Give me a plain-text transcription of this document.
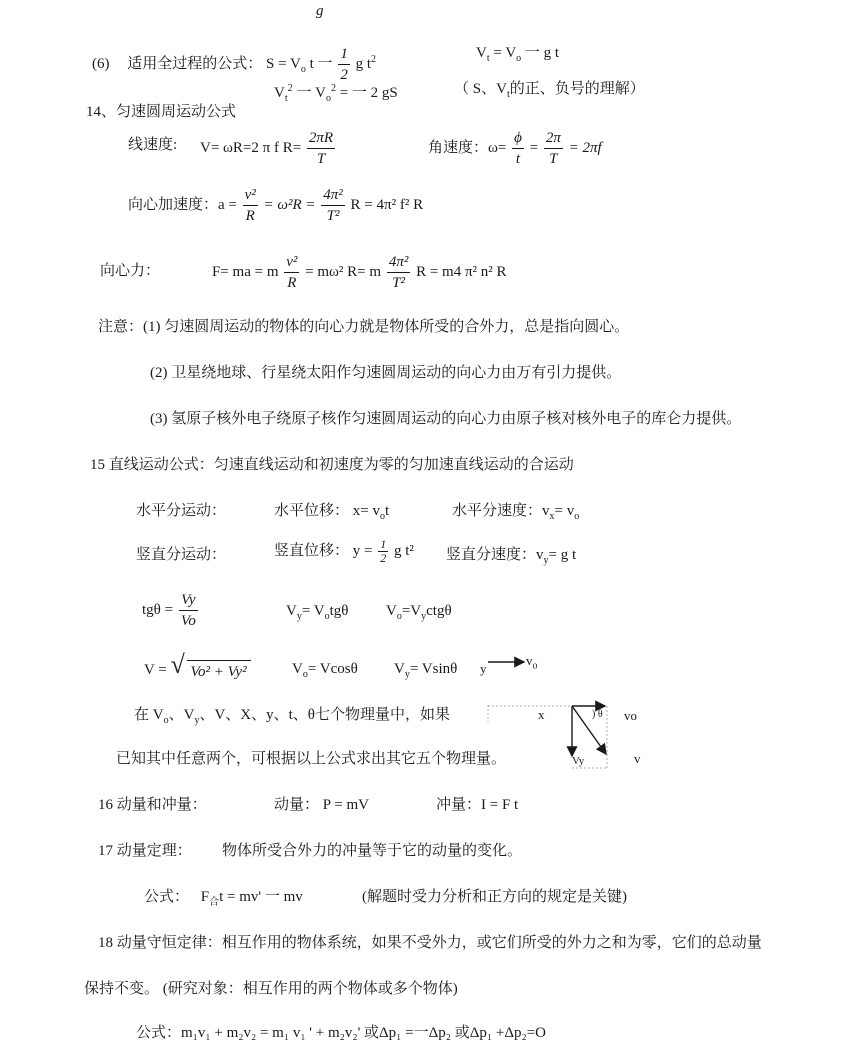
g
(6) 适用全过程的公式： $S = V_o$ t 一 $\frac{1}{2}$ g $t^2$	$V_t = V_o$ 一 g t
$V_t^2$ 一 $V_o^2$ = 一 2 gS	（ S、$V_t$的正、负号的理解）
14、匀速圆周运动公式
线速度: V= ωR=2 π f $R= \frac{2\pi R}{T}$	角速度：$\omega= \frac{\phi}{t} = \frac{2\pi}{T} = 2\pi f$
向心加速度：$a = \frac{\text{v²}}{R} = \omega^2R = \frac{\text{4π²}}{\text{T²}}$ R = 4π² f² R
向心力：	F= ma = m $\frac{\text{v²}}{R} = m\omega^2$ R= m $\frac{\text{4π²}}{\text{T²}}$ R = m4 π² n² R
注意：(1) 匀速圆周运动的物体的向心力就是物体所受的合外力，总是指向圆心。
(2) 卫星绕地球、行星绕太阳作匀速圆周运动的向心力由万有引力提供。
(3) 氢原子核外电子绕原子核作匀速圆周运动的向心力由原子核对核外电子的库仑力提供。
15 直线运动公式：匀速直线运动和初速度为零的匀加速直线运动的合运动
水平分运动：	水平位移： $x= v_ot$	水平分速度：$v_x= v_o$
竖直分运动：	竖直位移： $y = \frac{1}{2}$ g t² 竖直分速度：$v_y= g$ t
$tg\theta = \frac{Vy}{Vo}$	$V_y= V_otg\theta$	$V_o=V_yctg\theta$
V = √ Vo² + Vy²	$V_o= Vcos\theta$ $V_y= Vsin\theta$
在 $V_o$、$V_y$、V、X、y、t、θ七个物理量中，如果
已知其中任意两个，可根据以上公式求出其它五个物理量。
y
$v_o$
x	) θ vo
Vy	v
16 动量和冲量：	动量： P = mV	冲量：I = F t
17 动量定理： 物体所受合外力的冲量等于它的动量的变化。
公式： $F_合t = mv'$ 一 mv	(解题时受力分析和正方向的规定是关键)
18 动量守恒定律：相互作用的物体系统，如果不受外力，或它们所受的外力之和为零，它们的总动量
保持不变。 (研究对象：相互作用的两个物体或多个物体)
公式：m₁v₁ + m₂v₂ = m₁ v₁ ' + m₂v₂' 或Δp₁ =一Δp₂ 或Δp₁ +Δp₂=O
